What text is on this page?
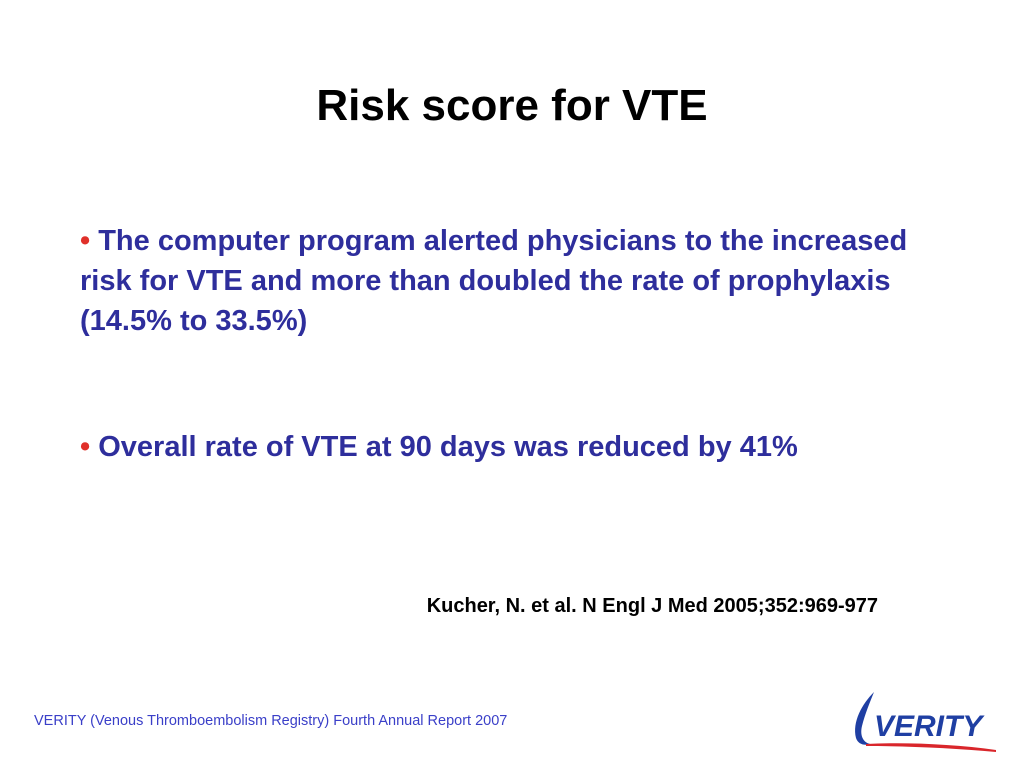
Risk score for VTE
• The computer program alerted physicians to the increased risk for VTE and more than doubled the rate of prophylaxis (14.5% to 33.5%)
• Overall rate of VTE at 90 days was reduced by 41%
Kucher, N. et al. N Engl J Med 2005;352:969-977
VERITY (Venous Thromboembolism Registry) Fourth Annual Report 2007	VERITY
